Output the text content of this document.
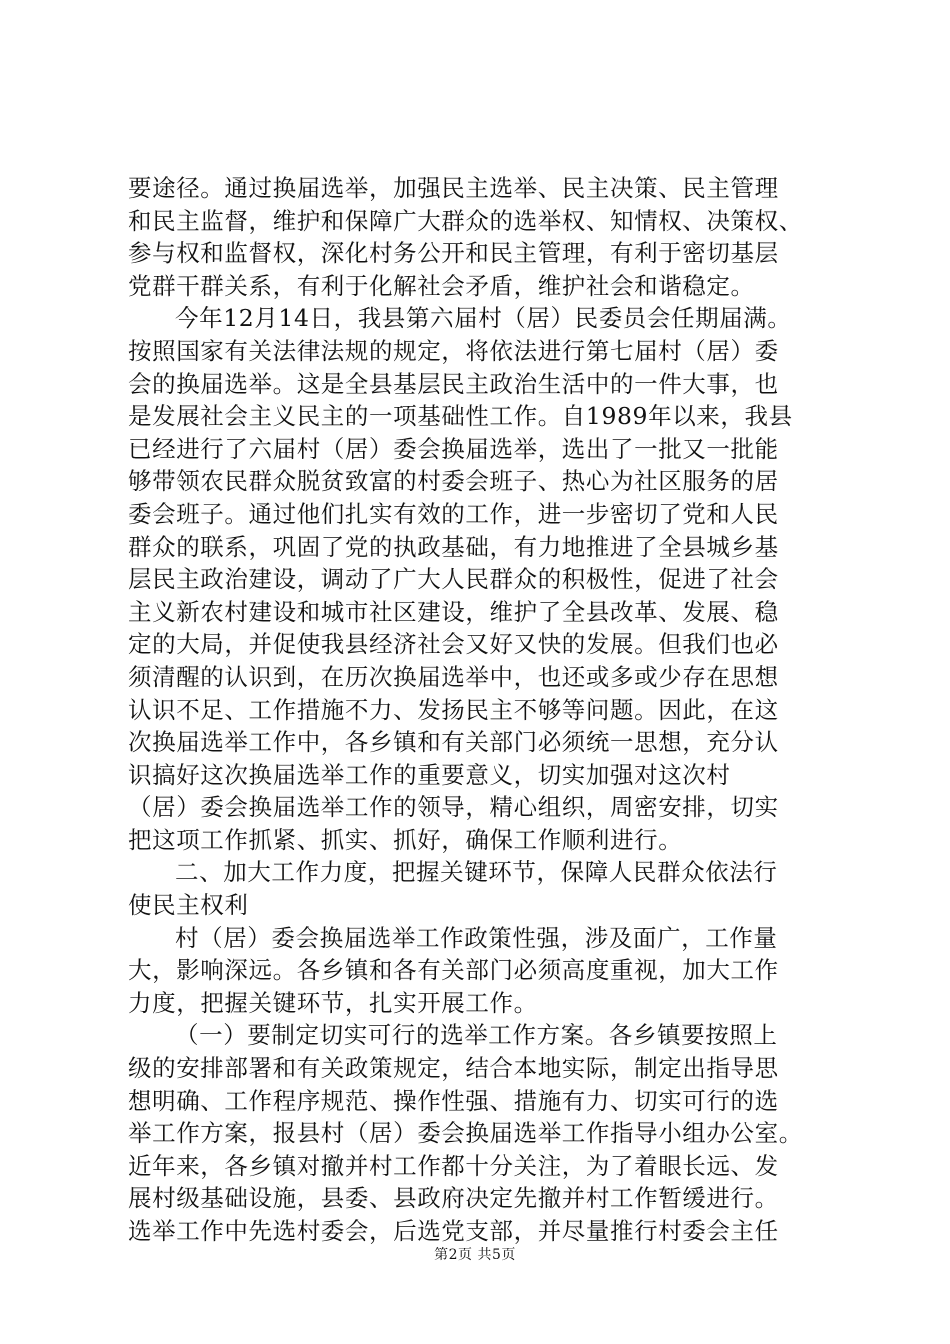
要途径。通过换届选举，加强民主选举、民主决策、民主管理
和民主监督，维护和保障广大群众的选举权、知情权、决策权、
参与权和监督权，深化村务公开和民主管理，有利于密切基层
党群干群关系，有利于化解社会矛盾，维护社会和谐稳定。
今年12月14日，我县第六届村（居）民委员会任期届满。
按照国家有关法律法规的规定，将依法进行第七届村（居）委
会的换届选举。这是全县基层民主政治生活中的一件大事，也
是发展社会主义民主的一项基础性工作。自1989年以来，我县
已经进行了六届村（居）委会换届选举，选出了一批又一批能
够带领农民群众脱贫致富的村委会班子、热心为社区服务的居
委会班子。通过他们扎实有效的工作，进一步密切了党和人民
群众的联系，巩固了党的执政基础，有力地推进了全县城乡基
层民主政治建设，调动了广大人民群众的积极性，促进了社会
主义新农村建设和城市社区建设，维护了全县改革、发展、稳
定的大局，并促使我县经济社会又好又快的发展。但我们也必
须清醒的认识到，在历次换届选举中，也还或多或少存在思想
认识不足、工作措施不力、发扬民主不够等问题。因此，在这
次换届选举工作中，各乡镇和有关部门必须统一思想，充分认
识搞好这次换届选举工作的重要意义，切实加强对这次村
（居）委会换届选举工作的领导，精心组织，周密安排，切实
把这项工作抓紧、抓实、抓好，确保工作顺利进行。
二、加大工作力度，把握关键环节，保障人民群众依法行
使民主权利
村（居）委会换届选举工作政策性强，涉及面广，工作量
大，影响深远。各乡镇和各有关部门必须高度重视，加大工作
力度，把握关键环节，扎实开展工作。
（一）要制定切实可行的选举工作方案。各乡镇要按照上
级的安排部署和有关政策规定，结合本地实际，制定出指导思
想明确、工作程序规范、操作性强、措施有力、切实可行的选
举工作方案，报县村（居）委会换届选举工作指导小组办公室。
近年来，各乡镇对撤并村工作都十分关注，为了着眼长远、发
展村级基础设施，县委、县政府决定先撤并村工作暂缓进行。
选举工作中先选村委会，后选党支部，并尽量推行村委会主任
第2页 共5页
